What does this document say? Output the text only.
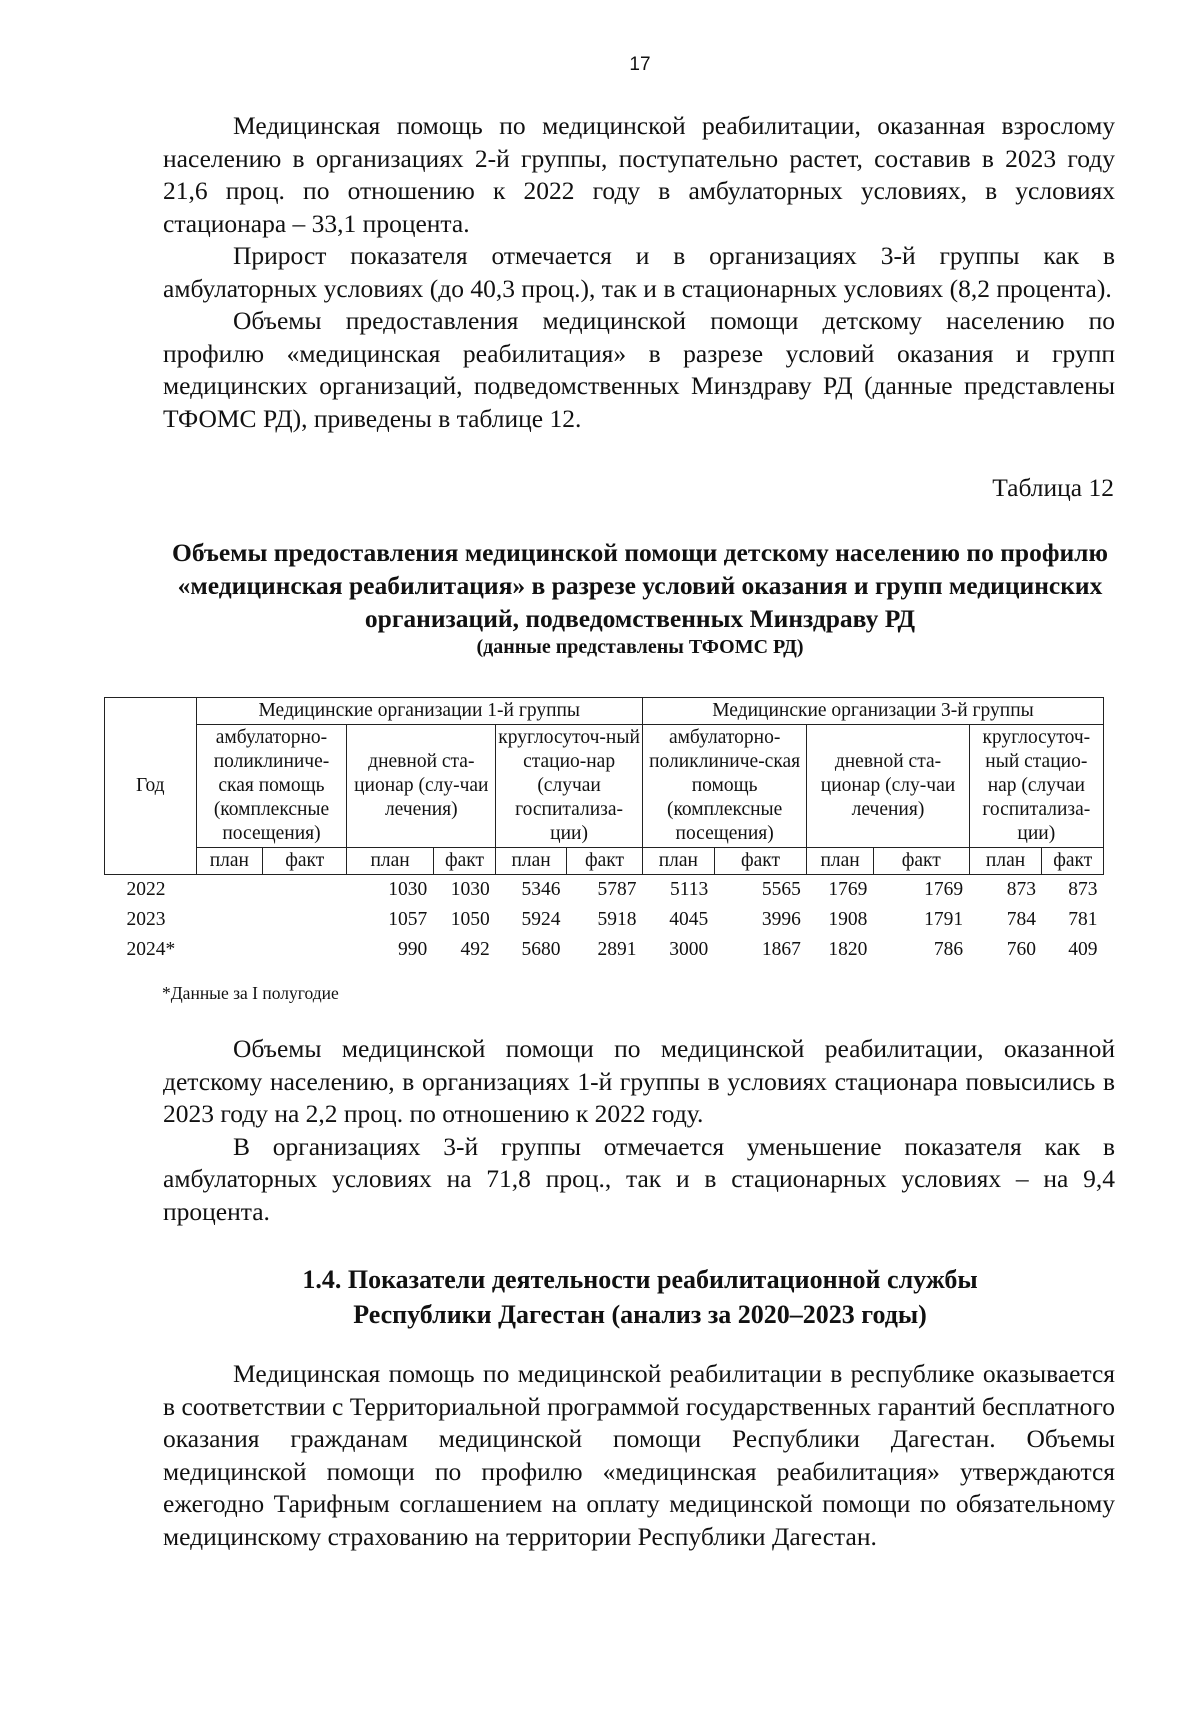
17

Медицинская помощь по медицинской реабилитации, оказанная взрослому населению в организациях 2-й группы, поступательно растет, составив в 2023 году 21,6 проц. по отношению к 2022 году в амбулаторных условиях, в условиях стационара – 33,1 процента.

Прирост показателя отмечается и в организациях 3-й группы как в амбулаторных условиях (до 40,3 проц.), так и в стационарных условиях (8,2 процента).

Объемы предоставления медицинской помощи детскому населению по профилю «медицинская реабилитация» в разрезе условий оказания и групп медицинских организаций, подведомственных Минздраву РД (данные представлены ТФОМС РД), приведены в таблице 12.

Таблица 12
Объемы предоставления медицинской помощи детскому населению по профилю «медицинская реабилитация» в разрезе условий оказания и групп медицинских организаций, подведомственных Минздраву РД
(данные представлены ТФОМС РД)
Год	Медицинские организации 1-й группы						Медицинские организации 3-й группы					
	амбулаторно-поликлиниче-ская помощь (комплексные посещения)		дневной ста-ционар (слу-чаи лечения)		круглосуточ-ный стацио-нар (случаи госпитализа-ции)		амбулаторно-поликлиниче-ская помощь (комплексные посещения)		дневной ста-ционар (слу-чаи лечения)		круглосуточ-ный стацио-нар (случаи госпитализа-ции)	
	план	факт	план	факт	план	факт	план	факт	план	факт	план	факт
2022			1030	1030	5346	5787	5113	5565	1769	1769	873	873
2023			1057	1050	5924	5918	4045	3996	1908	1791	784	781
2024*			990	492	5680	2891	3000	1867	1820	786	760	409
*Данные за I полугодие

Объемы медицинской помощи по медицинской реабилитации, оказанной детскому населению, в организациях 1-й группы в условиях стационара повысились в 2023 году на 2,2 проц. по отношению к 2022 году.

В организациях 3-й группы отмечается уменьшение показателя как в амбулаторных условиях на 71,8 проц., так и в стационарных условиях – на 9,4 процента.

1.4. Показатели деятельности реабилитационной службы
Республики Дагестан (анализ за 2020–2023 годы)

Медицинская помощь по медицинской реабилитации в республике оказывается в соответствии с Территориальной программой государственных гарантий бесплатного оказания гражданам медицинской помощи Республики Дагестан. Объемы медицинской помощи по профилю «медицинская реабилитация» утверждаются ежегодно Тарифным соглашением на оплату медицинской помощи по обязательному медицинскому страхованию на территории Республики Дагестан.
